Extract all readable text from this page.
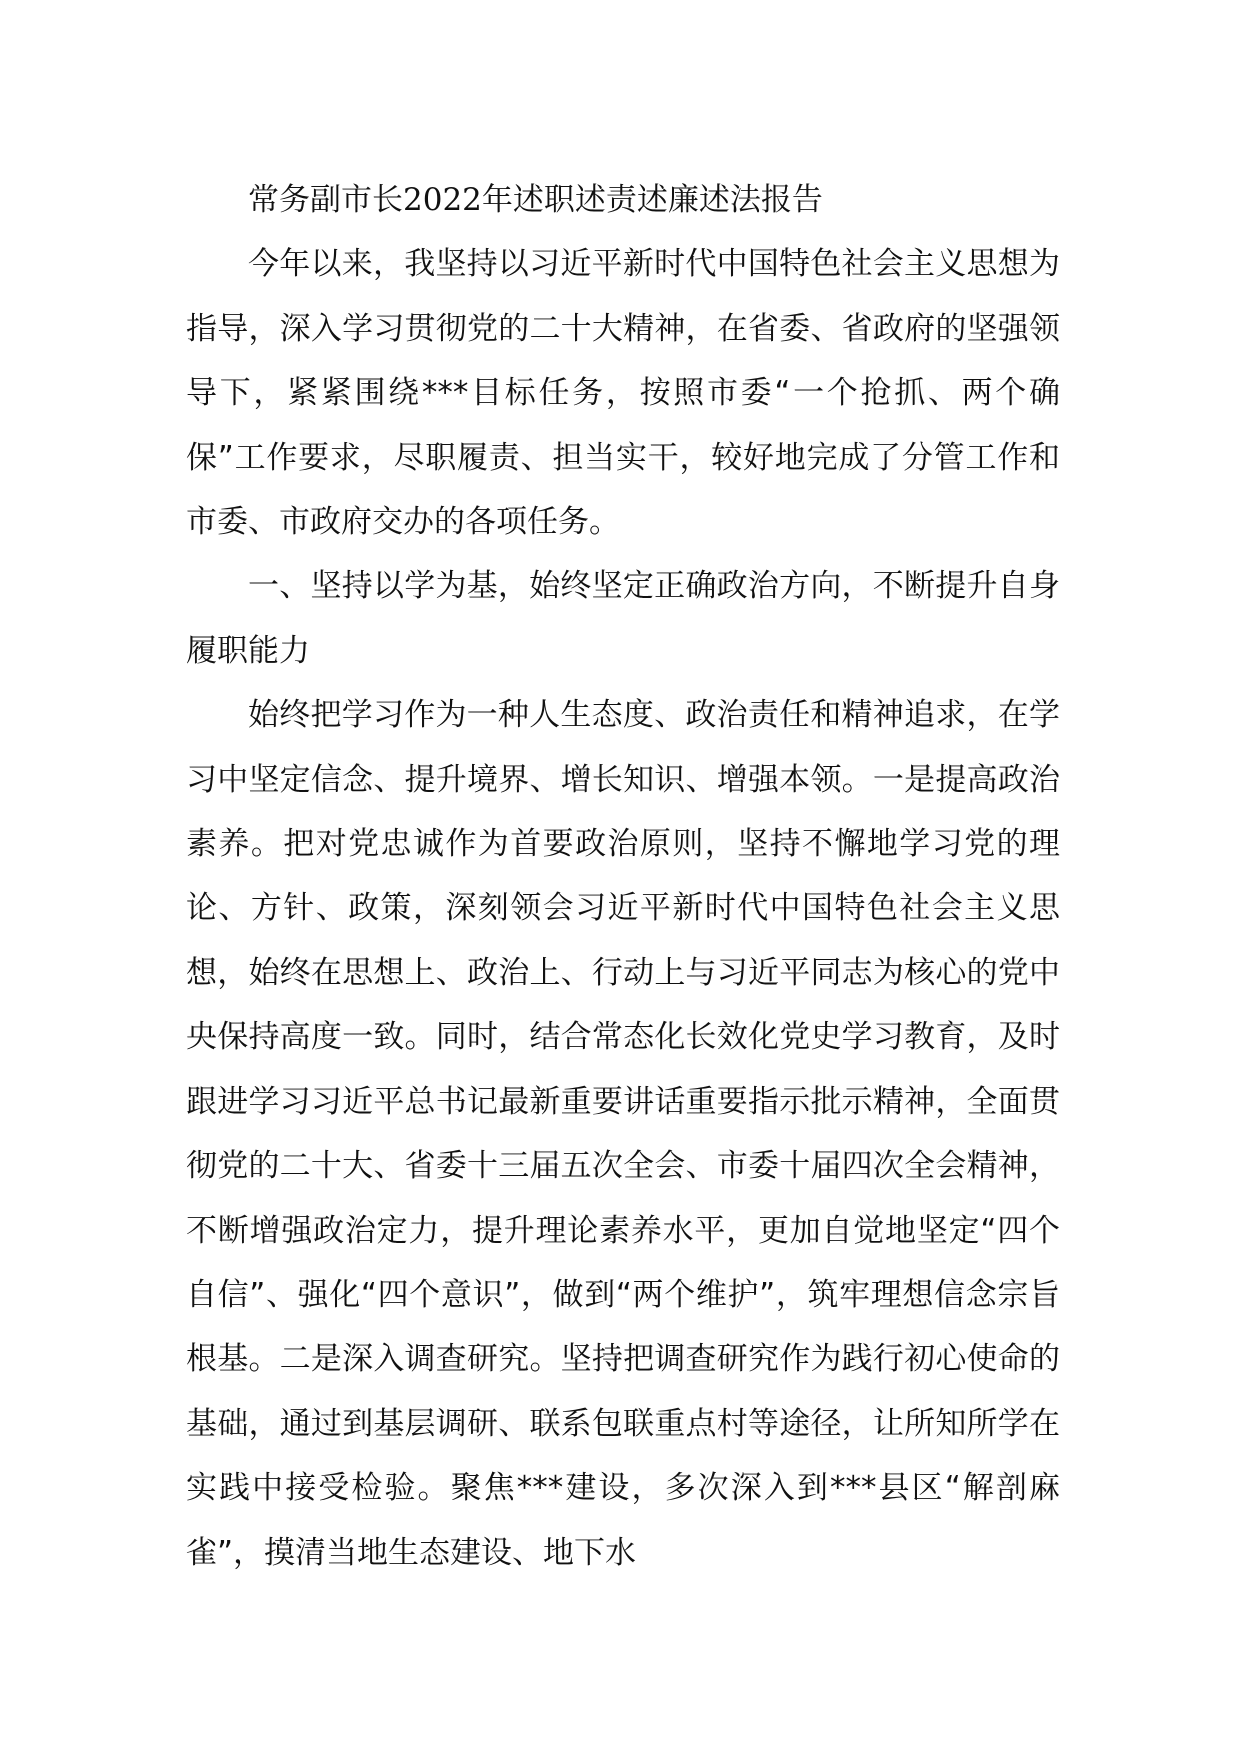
常务副市长2022年述职述责述廉述法报告

今年以来，我坚持以习近平新时代中国特色社会主义思想为指导，深入学习贯彻党的二十大精神，在省委、省政府的坚强领导下，紧紧围绕***目标任务，按照市委“一个抢抓、两个确保”工作要求，尽职履责、担当实干，较好地完成了分管工作和市委、市政府交办的各项任务。

一、坚持以学为基，始终坚定正确政治方向，不断提升自身履职能力

始终把学习作为一种人生态度、政治责任和精神追求，在学习中坚定信念、提升境界、增长知识、增强本领。一是提高政治素养。把对党忠诚作为首要政治原则，坚持不懈地学习党的理论、方针、政策，深刻领会习近平新时代中国特色社会主义思想，始终在思想上、政治上、行动上与习近平同志为核心的党中央保持高度一致。同时，结合常态化长效化党史学习教育，及时跟进学习习近平总书记最新重要讲话重要指示批示精神，全面贯彻党的二十大、省委十三届五次全会、市委十届四次全会精神，不断增强政治定力，提升理论素养水平，更加自觉地坚定“四个自信”、强化“四个意识”，做到“两个维护”，筑牢理想信念宗旨根基。二是深入调查研究。坚持把调查研究作为践行初心使命的基础，通过到基层调研、联系包联重点村等途径，让所知所学在实践中接受检验。聚焦***建设，多次深入到***县区“解剖麻雀”，摸清当地生态建设、地下水
